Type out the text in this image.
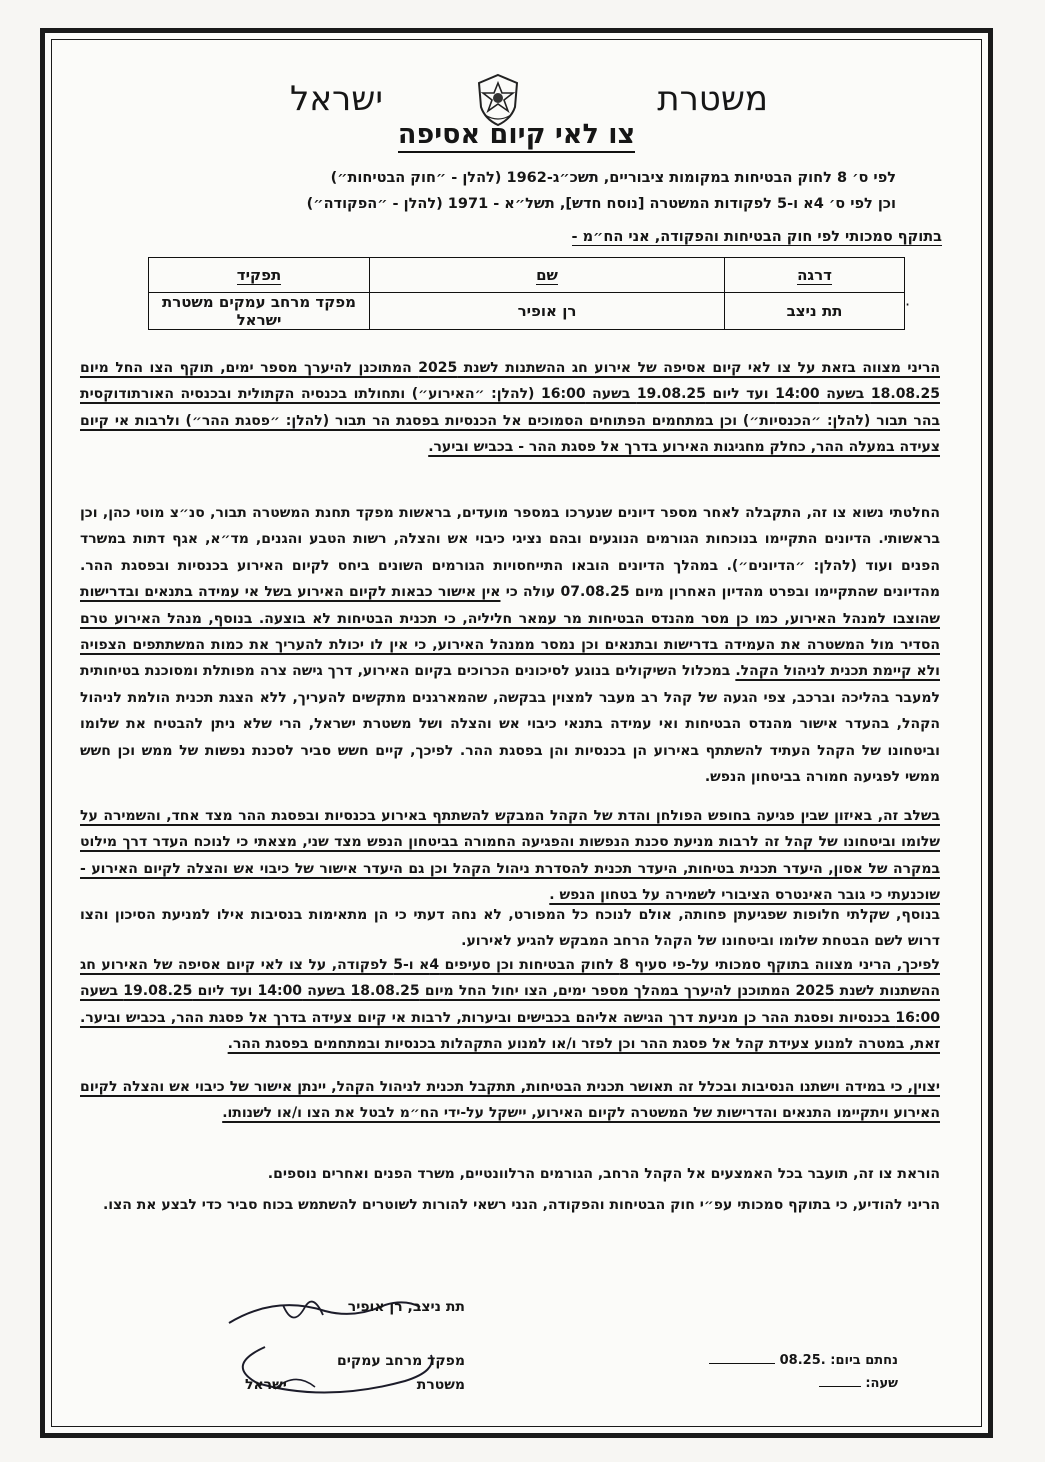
משטרת
ישראל
צו לאי קיום אסיפה
לפי ס׳ 8 לחוק הבטיחות במקומות ציבוריים, תשכ״ג-1962 (להלן - ״חוק הבטיחות״)
וכן לפי ס׳ 4א ו-5 לפקודות המשטרה [נוסח חדש], תשל״א - 1971 (להלן - ״הפקודה״)
בתוקף סמכותי לפי חוק הבטיחות והפקודה, אני הח״מ -
דרגה	שם	תפקיד
תת ניצב	רן אופיר	מפקד מרחב עמקים משטרת ישראל
·
הריני מצווה בזאת על צו לאי קיום אסיפה של אירוע חג ההשתנות לשנת 2025 המתוכנן להיערך מספר ימים, תוקף הצו החל מיום 18.08.25 בשעה 14:00 ועד ליום 19.08.25 בשעה 16:00 (להלן: ״האירוע״) ותחולתו בכנסיה הקתולית ובכנסיה האורתודוקסית בהר תבור (להלן: ״הכנסיות״) וכן במתחמים הפתוחים הסמוכים אל הכנסיות בפסגת הר תבור (להלן: ״פסגת ההר״) ולרבות אי קיום צעידה במעלה ההר, כחלק מחגיגות האירוע בדרך אל פסגת ההר - בכביש וביער.
החלטתי נשוא צו זה, התקבלה לאחר מספר דיונים שנערכו במספר מועדים, בראשות מפקד תחנת המשטרה תבור, סנ״צ מוטי כהן, וכן בראשותי. הדיונים התקיימו בנוכחות הגורמים הנוגעים ובהם נציגי כיבוי אש והצלה, רשות הטבע והגנים, מד״א, אגף דתות במשרד הפנים ועוד (להלן: ״הדיונים״). במהלך הדיונים הובאו התייחסויות הגורמים השונים ביחס לקיום האירוע בכנסיות ובפסגת ההר. מהדיונים שהתקיימו ובפרט מהדיון האחרון מיום 07.08.25 עולה כי אין אישור כבאות לקיום האירוע בשל אי עמידה בתנאים ובדרישות שהוצבו למנהל האירוע, כמו כן מסר מהנדס הבטיחות מר עמאר חליליה, כי תכנית הבטיחות לא בוצעה. בנוסף, מנהל האירוע טרם הסדיר מול המשטרה את העמידה בדרישות ובתנאים וכן נמסר ממנהל האירוע, כי אין לו יכולת להעריך את כמות המשתתפים הצפויה ולא קיימת תכנית לניהול הקהל. במכלול השיקולים בנוגע לסיכונים הכרוכים בקיום האירוע, דרך גישה צרה מפותלת ומסוכנת בטיחותית למעבר בהליכה וברכב, צפי הגעה של קהל רב מעבר למצוין בבקשה, שהמארגנים מתקשים להעריך, ללא הצגת תכנית הולמת לניהול הקהל, בהעדר אישור מהנדס הבטיחות ואי עמידה בתנאי כיבוי אש והצלה ושל משטרת ישראל, הרי שלא ניתן להבטיח את שלומו וביטחונו של הקהל העתיד להשתתף באירוע הן בכנסיות והן בפסגת ההר. לפיכך, קיים חשש סביר לסכנת נפשות של ממש וכן חשש ממשי לפגיעה חמורה בביטחון הנפש.
בשלב זה, באיזון שבין פגיעה בחופש הפולחן והדת של הקהל המבקש להשתתף באירוע בכנסיות ובפסגת ההר מצד אחד, והשמירה על שלומו וביטחונו של קהל זה לרבות מניעת סכנת הנפשות והפגיעה החמורה בביטחון הנפש מצד שני, מצאתי כי לנוכח העדר דרך מילוט במקרה של אסון, היעדר תכנית בטיחות, היעדר תכנית להסדרת ניהול הקהל וכן גם היעדר אישור של כיבוי אש והצלה לקיום האירוע - שוכנעתי כי גובר האינטרס הציבורי לשמירה על בטחון הנפש .
בנוסף, שקלתי חלופות שפגיעתן פחותה, אולם לנוכח כל המפורט, לא נחה דעתי כי הן מתאימות בנסיבות אילו למניעת הסיכון והצו דרוש לשם הבטחת שלומו וביטחונו של הקהל הרחב המבקש להגיע לאירוע.
לפיכך, הריני מצווה בתוקף סמכותי על-פי סעיף 8 לחוק הבטיחות וכן סעיפים 4א ו-5 לפקודה, על צו לאי קיום אסיפה של האירוע חג ההשתנות לשנת 2025 המתוכנן להיערך במהלך מספר ימים, הצו יחול החל מיום 18.08.25 בשעה 14:00 ועד ליום 19.08.25 בשעה 16:00 בכנסיות ופסגת ההר כן מניעת דרך הגישה אליהם בכבישים וביערות, לרבות אי קיום צעידה בדרך אל פסגת ההר, בכביש וביער. זאת, במטרה למנוע צעידת קהל אל פסגת ההר וכן לפזר ו/או למנוע התקהלות בכנסיות ובמתחמים בפסגת ההר.
יצוין, כי במידה וישתנו הנסיבות ובכלל זה תאושר תכנית הבטיחות, תתקבל תכנית לניהול הקהל, יינתן אישור של כיבוי אש והצלה לקיום האירוע ויתקיימו התנאים והדרישות של המשטרה לקיום האירוע, יישקל על-ידי הח״מ לבטל את הצו ו/או לשנותו.
הוראת צו זה, תועבר בכל האמצעים אל הקהל הרחב, הגורמים הרלוונטיים, משרד הפנים ואחרים נוספים.
הריני להודיע, כי בתוקף סמכותי עפ״י חוק הבטיחות והפקודה, הנני רשאי להורות לשוטרים להשתמש בכוח סביר כדי לבצע את הצו.
תת ניצב, רן אופיר
מפקד מרחב עמקים
משטרת
ישראל
נחתם ביום: .08.25
שעה:
